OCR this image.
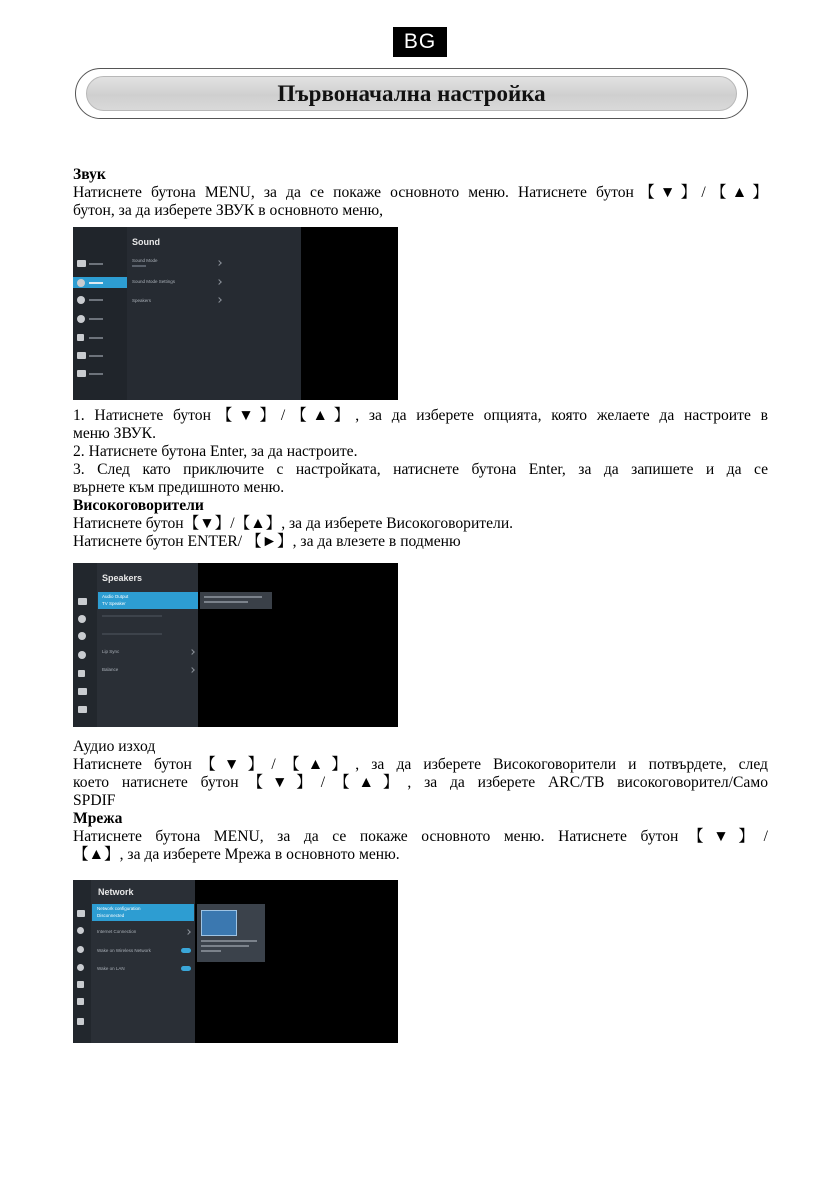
BG
Първоначална настройка
Звук
Натиснете бутона MENU, за да се покаже основното меню. Натиснете бутон【▼】/【▲】
бутон, за да изберете ЗВУК в основното меню,
Sound
Sound Mode
Sound Mode Settings
Speakers
1. Натиснете бутон【▼】/【▲】, за да изберете опцията, която желаете да настроите в
меню ЗВУК.
2. Натиснете бутона Enter, за да настроите.
3. След като приключите с настройката, натиснете бутона Enter, за да запишете и да се
върнете към предишното меню.
Високоговорители
Натиснете бутон【▼】/【▲】, за да изберете Високоговорители.
Натиснете бутон ENTER/ 【►】, за да влезете в подменю
Speakers
Audio Output
TV Speaker
Lip Sync
Balance
Аудио изход
Натиснете бутон【▼】/【▲】, за да изберете Високоговорители и потвърдете, след
което натиснете бутон【▼】/【▲】, за да изберете ARC/ТВ високоговорител/Само
SPDIF
Мрежа
Натиснете бутона MENU, за да се покаже основното меню. Натиснете бутон【▼】/
【▲】, за да изберете Мрежа в основното меню.
Network
Network configuration
Disconnected
Internet Connection
Wake on Wireless Network
Wake on LAN
